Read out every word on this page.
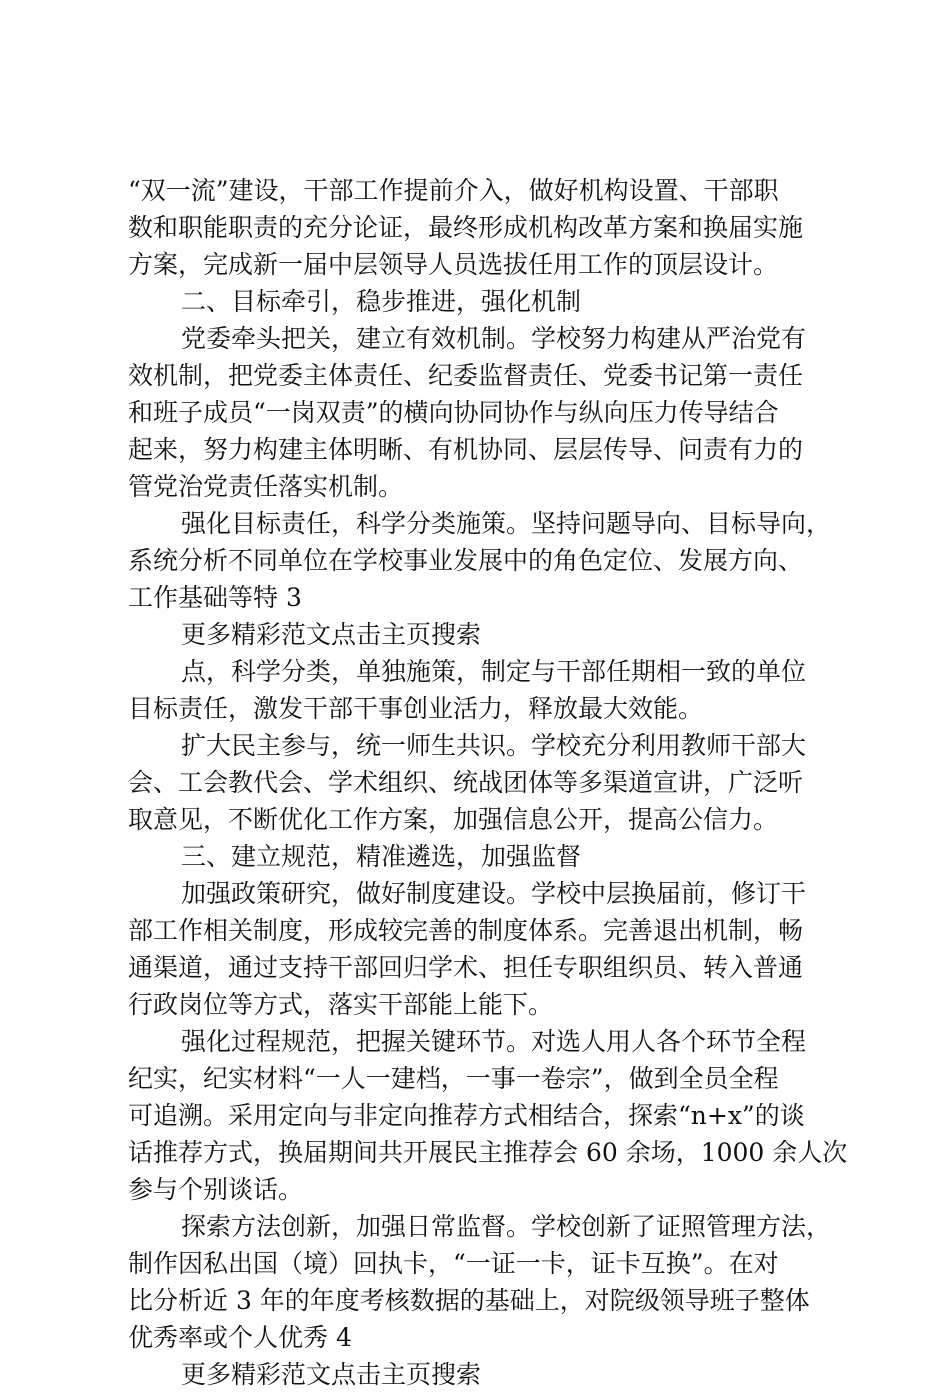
“双一流”建设，干部工作提前介入，做好机构设置、干部职
数和职能职责的充分论证，最终形成机构改革方案和换届实施
方案，完成新一届中层领导人员选拔任用工作的顶层设计。
二、目标牵引，稳步推进，强化机制
党委牵头把关，建立有效机制。学校努力构建从严治党有
效机制，把党委主体责任、纪委监督责任、党委书记第一责任
和班子成员“一岗双责”的横向协同协作与纵向压力传导结合
起来，努力构建主体明晰、有机协同、层层传导、问责有力的
管党治党责任落实机制。
强化目标责任，科学分类施策。坚持问题导向、目标导向，
系统分析不同单位在学校事业发展中的角色定位、发展方向、
工作基础等特 3
更多精彩范文点击主页搜索
点，科学分类，单独施策，制定与干部任期相一致的单位
目标责任，激发干部干事创业活力，释放最大效能。
扩大民主参与，统一师生共识。学校充分利用教师干部大
会、工会教代会、学术组织、统战团体等多渠道宣讲，广泛听
取意见，不断优化工作方案，加强信息公开，提高公信力。
三、建立规范，精准遴选，加强监督
加强政策研究，做好制度建设。学校中层换届前，修订干
部工作相关制度，形成较完善的制度体系。完善退出机制，畅
通渠道，通过支持干部回归学术、担任专职组织员、转入普通
行政岗位等方式，落实干部能上能下。
强化过程规范，把握关键环节。对选人用人各个环节全程
纪实，纪实材料“一人一建档，一事一卷宗”，做到全员全程
可追溯。采用定向与非定向推荐方式相结合，探索“n+x”的谈
话推荐方式，换届期间共开展民主推荐会 60 余场，1000 余人次
参与个别谈话。
探索方法创新，加强日常监督。学校创新了证照管理方法，
制作因私出国（境）回执卡，“一证一卡，证卡互换”。在对
比分析近 3 年的年度考核数据的基础上，对院级领导班子整体
优秀率或个人优秀 4
更多精彩范文点击主页搜索
